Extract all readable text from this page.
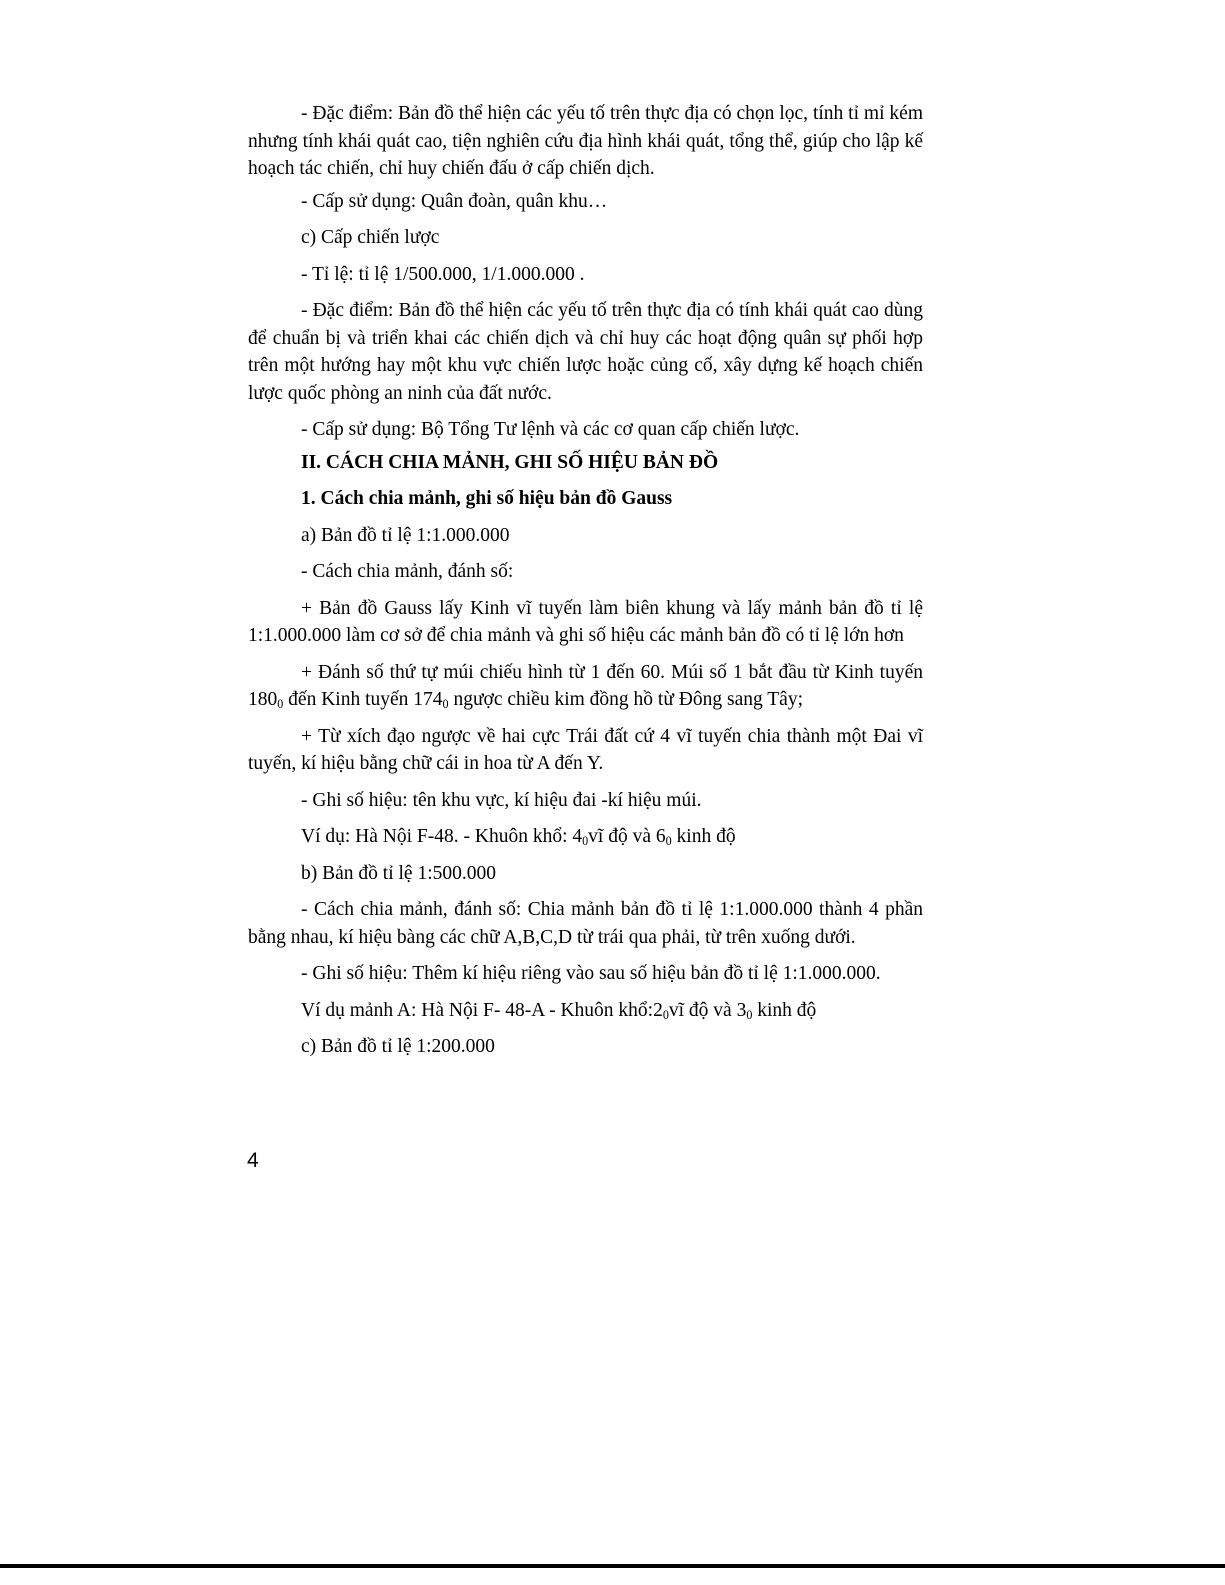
- Đặc điểm: Bản đồ thể hiện các yếu tố trên thực địa có chọn lọc, tính tỉ mỉ kém nhưng tính khái quát cao, tiện nghiên cứu địa hình khái quát, tổng thể, giúp cho lập kế hoạch tác chiến, chỉ huy chiến đấu ở cấp chiến dịch.

- Cấp sử dụng: Quân đoàn, quân khu…

c) Cấp chiến lược

- Tỉ lệ: tỉ lệ 1/500.000, 1/1.000.000 .

- Đặc điểm: Bản đồ thể hiện các yếu tố trên thực địa có tính khái quát cao dùng để chuẩn bị và triển khai các chiến dịch và chỉ huy các hoạt động quân sự phối hợp trên một hướng hay một khu vực chiến lược hoặc củng cố, xây dựng kế hoạch chiến lược quốc phòng an ninh của đất nước.

- Cấp sử dụng: Bộ Tổng Tư lệnh và các cơ quan cấp chiến lược.

II. CÁCH CHIA MẢNH, GHI SỐ HIỆU BẢN ĐỒ

1. Cách chia mảnh, ghi số hiệu bản đồ Gauss

a) Bản đồ tỉ lệ 1:1.000.000

- Cách chia mảnh, đánh số:

+ Bản đồ Gauss lấy Kinh vĩ tuyến làm biên khung và lấy mảnh bản đồ tỉ lệ 1:1.000.000 làm cơ sở để chia mảnh và ghi số hiệu các mảnh bản đồ có tỉ lệ lớn hơn

+ Đánh số thứ tự múi chiếu hình từ 1 đến 60. Múi số 1 bắt đầu từ Kinh tuyến $180_0$ đến Kinh tuyến $174_0$ ngược chiều kim đồng hồ từ Đông sang Tây;

+ Từ xích đạo ngược về hai cực Trái đất cứ 4 vĩ tuyến chia thành một Đai vĩ tuyến, kí hiệu bằng chữ cái in hoa từ A đến Y.

- Ghi số hiệu: tên khu vực, kí hiệu đai -kí hiệu múi.

Ví dụ: Hà Nội F-48. - Khuôn khổ: $4_0vĩ$ độ và $6_0$ kinh độ

b) Bản đồ tỉ lệ 1:500.000

- Cách chia mảnh, đánh số: Chia mảnh bản đồ tỉ lệ 1:1.000.000 thành 4 phần bằng nhau, kí hiệu bàng các chữ A,B,C,D từ trái qua phải, từ trên xuống dưới.

- Ghi số hiệu: Thêm kí hiệu riêng vào sau số hiệu bản đồ tỉ lệ 1:1.000.000.

Ví dụ mảnh A: Hà Nội F- 48-A - Khuôn $khổ:2_0vĩ$ độ và $3_0$ kinh độ

c) Bản đồ tỉ lệ 1:200.000

4
